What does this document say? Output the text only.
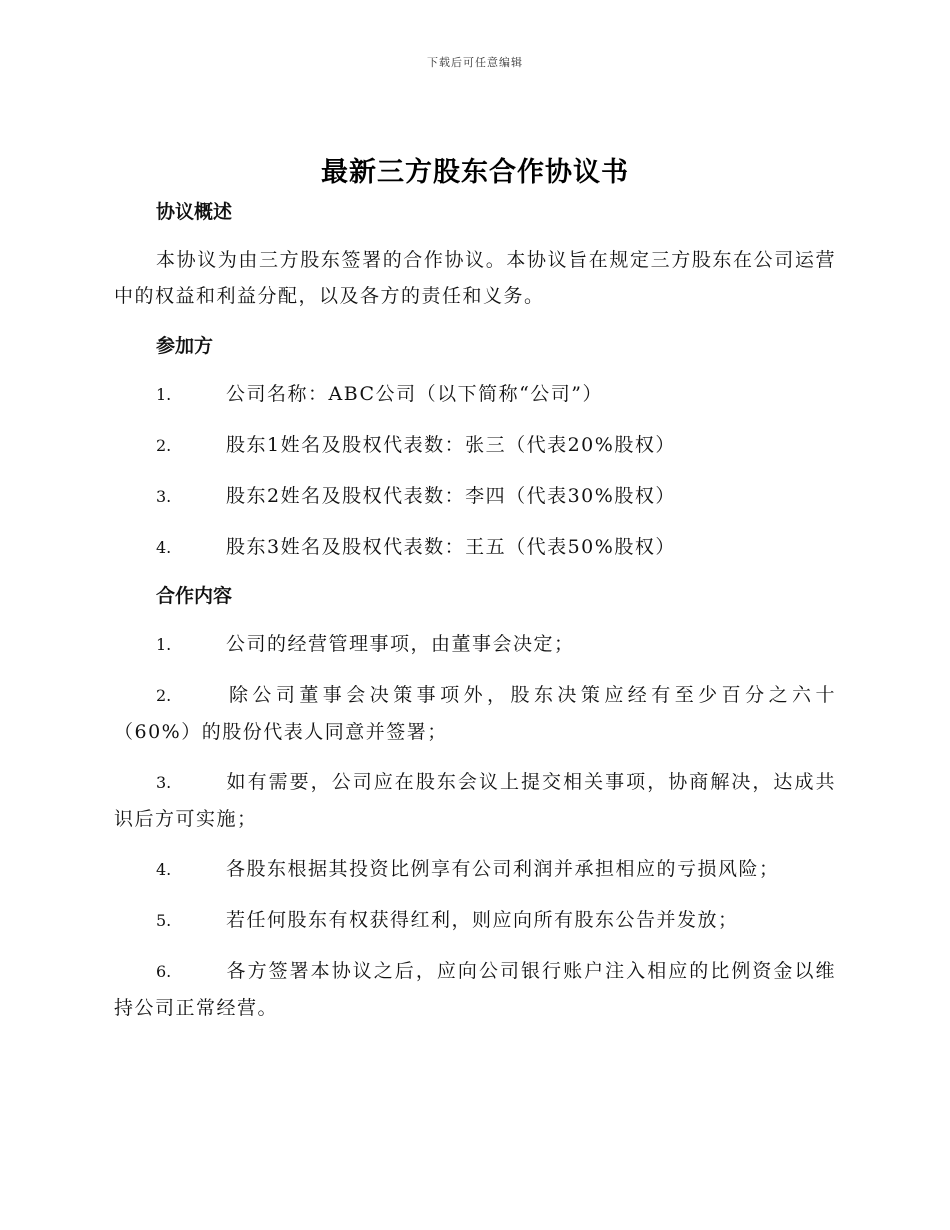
下载后可任意编辑
最新三方股东合作协议书
协议概述

本协议为由三方股东签署的合作协议。本协议旨在规定三方股东在公司运营中的权益和利益分配，以及各方的责任和义务。

参加方

1.	公司名称：ABC公司（以下简称“公司”）

2.	股东1姓名及股权代表数：张三（代表20%股权）

3.	股东2姓名及股权代表数：李四（代表30%股权）

4.	股东3姓名及股权代表数：王五（代表50%股权）

合作内容

1.	公司的经营管理事项，由董事会决定；

2.	除公司董事会决策事项外，股东决策应经有至少百分之六十（60%）的股份代表人同意并签署；

3.	如有需要，公司应在股东会议上提交相关事项，协商解决，达成共识后方可实施；

4.	各股东根据其投资比例享有公司利润并承担相应的亏损风险；

5.	若任何股东有权获得红利，则应向所有股东公告并发放；

6.	各方签署本协议之后，应向公司银行账户注入相应的比例资金以维持公司正常经营。
